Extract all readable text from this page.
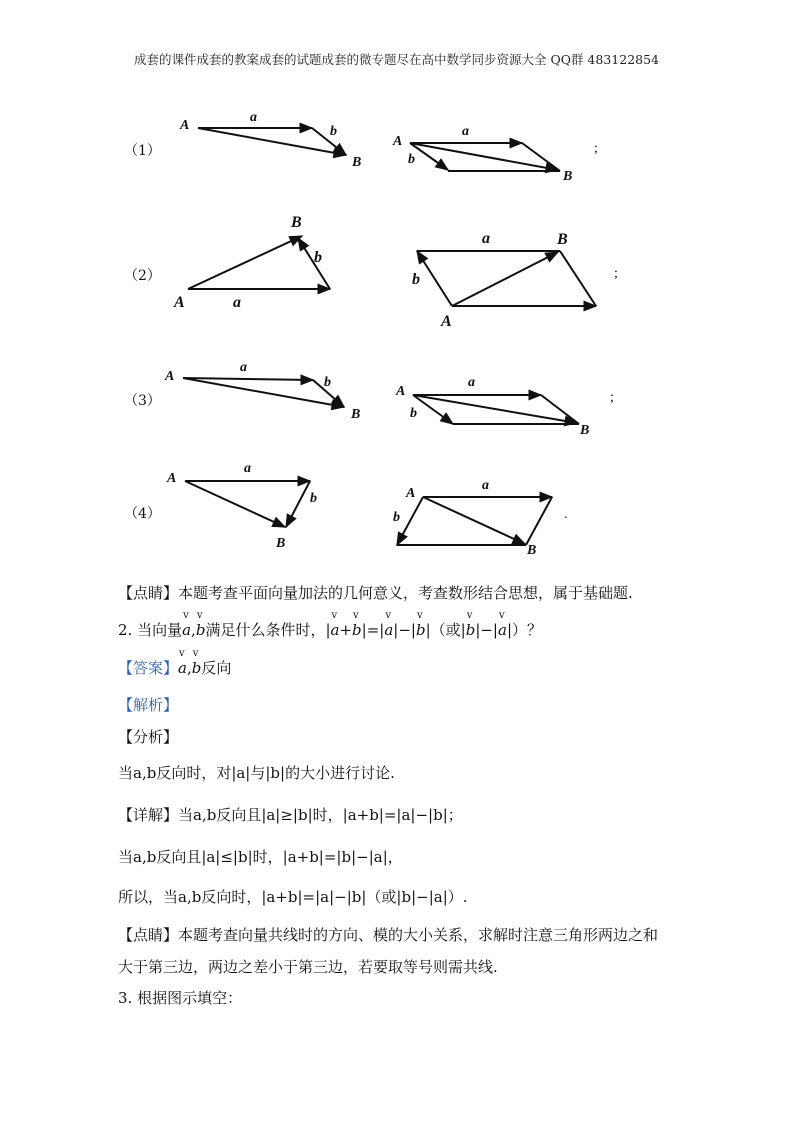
成套的课件成套的教案成套的试题成套的微专题尽在高中数学同步资源大全 QQ群 483122854
（1）
（2）
（3）
（4）
A
a
b
B
A
a
b
B
B
b
A	a
a	B
b
A
A
a
b
B
A
a
b
B
A
a
b
B
A
a
b
B
;
;
;
.
【点睛】本题考查平面向量加法的几何意义，考查数形结合思想，属于基础题.
2. 当向量v a,v b满足什么条件时，|v a+v b|=|v a|−|v b|（或|v b|−|v a|）？
【答案】v a,v b反向
【解析】
【分析】
当a,b反向时，对|a|与|b|的大小进行讨论.
【详解】当a,b反向且|a|≥|b|时，|a+b|=|a|−|b|；
当a,b反向且|a|≤|b|时，|a+b|=|b|−|a|，
所以，当a,b反向时，|a+b|=|a|−|b|（或|b|−|a|）.
【点睛】本题考查向量共线时的方向、模的大小关系，求解时注意三角形两边之和
大于第三边，两边之差小于第三边，若要取等号则需共线.
3. 根据图示填空：
